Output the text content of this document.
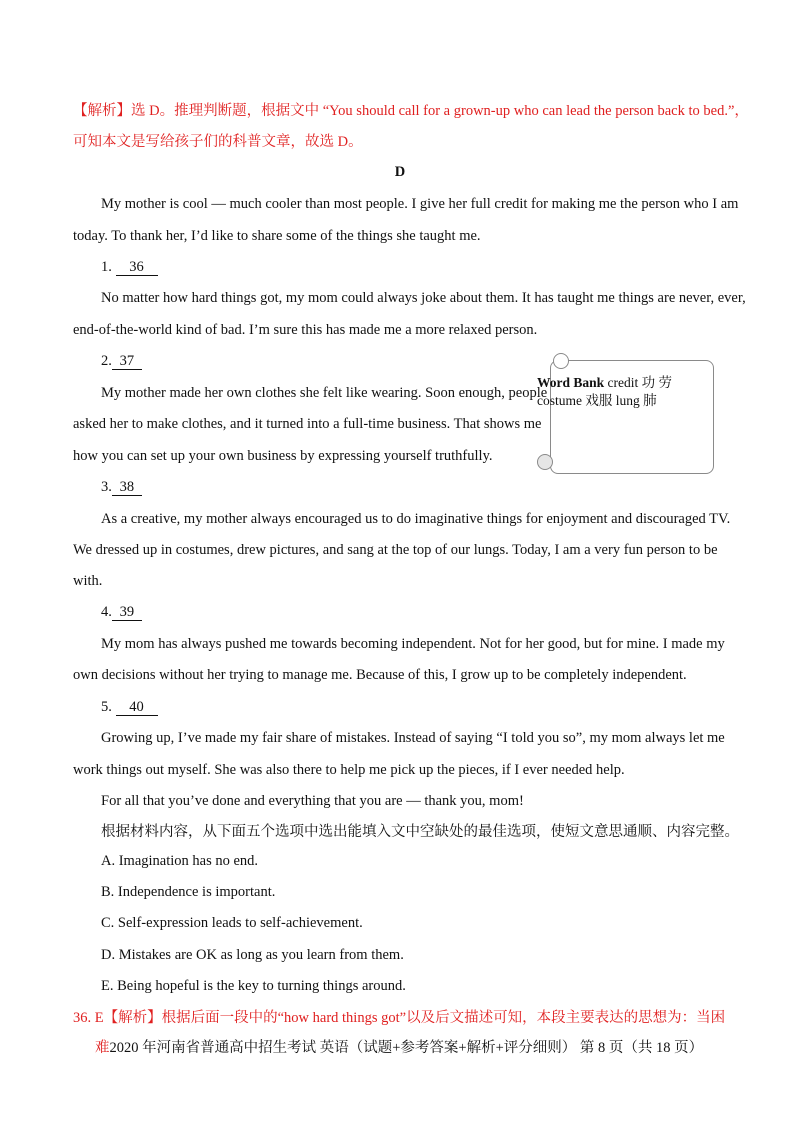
【解析】选 D。推理判断题，根据文中 “You should call for a grown-up who can lead the person back to bed.”，
可知本文是写给孩子们的科普文章，故选 D。
D
My mother is cool — much cooler than most people. I give her full credit for making me the person who I am
today. To thank her, I’d like to share some of the things she taught me.
1. 36
No matter how hard things got, my mom could always joke about them. It has taught me things are never, ever,
end-of-the-world kind of bad. I’m sure this has made me a more relaxed person.
2. 37
Word Bank credit 功 劳
costume 戏服 lung 肺
My mother made her own clothes she felt like wearing. Soon enough, people
asked her to make clothes, and it turned into a full-time business. That shows me
how you can set up your own business by expressing yourself truthfully.
3. 38
As a creative, my mother always encouraged us to do imaginative things for enjoyment and discouraged TV.
We dressed up in costumes, drew pictures, and sang at the top of our lungs. Today, I am a very fun person to be
with.
4. 39
My mom has always pushed me towards becoming independent. Not for her good, but for mine. I made my
own decisions without her trying to manage me. Because of this, I grow up to be completely independent.
5. 40
Growing up, I’ve made my fair share of mistakes. Instead of saying “I told you so”, my mom always let me
work things out myself. She was also there to help me pick up the pieces, if I ever needed help.
For all that you’ve done and everything that you are — thank you, mom!
根据材料内容，从下面五个选项中选出能填入文中空缺处的最佳选项，使短文意思通顺、内容完整。
A. Imagination has no end.
B. Independence is important.
C. Self-expression leads to self-achievement.
D. Mistakes are OK as long as you learn from them.
E. Being hopeful is the key to turning things around.
36. E【解析】根据后面一段中的“how hard things got”以及后文描述可知，本段主要表达的思想为：当困
难2020 年河南省普通高中招生考试 英语（试题+参考答案+解析+评分细则） 第 8 页（共 18 页）
